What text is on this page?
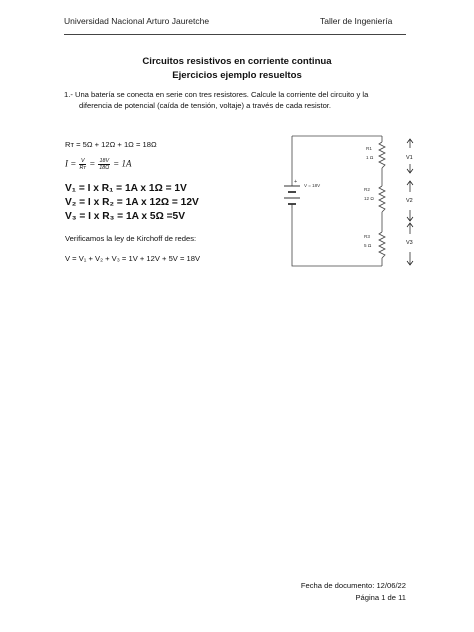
Universidad Nacional Arturo Jauretche	Taller de Ingeniería
Circuitos resistivos en corriente continua
Ejercicios ejemplo resueltos
1.- Una batería se conecta en serie con tres resistores. Calcule la corriente del circuito y la
diferencia de potencial (caída de tensión, voltaje) a través de cada resistor.
Rᴛ = 5Ω + 12Ω + 1Ω = 18Ω
$I = \frac{V}{\text{Rᴛ}} = \frac{18V}{18\Omega} = 1A$
V₁ = I x R₁ = 1A x 1Ω = 1V
V₂ = I x R₂ = 1A x 12Ω = 12V
V₃ = I x R₃ = 1A x 5Ω =5V
Verificamos la ley de Kirchoff de redes:
V = V₁ + V₂ + V₃ = 1V + 12V + 5V = 18V
+
V = 18V
R1
1 Ω
R2
12 Ω
R3
5 Ω
V1
V2
V3
Fecha de documento: 12/06/22
Página 1 de 11
